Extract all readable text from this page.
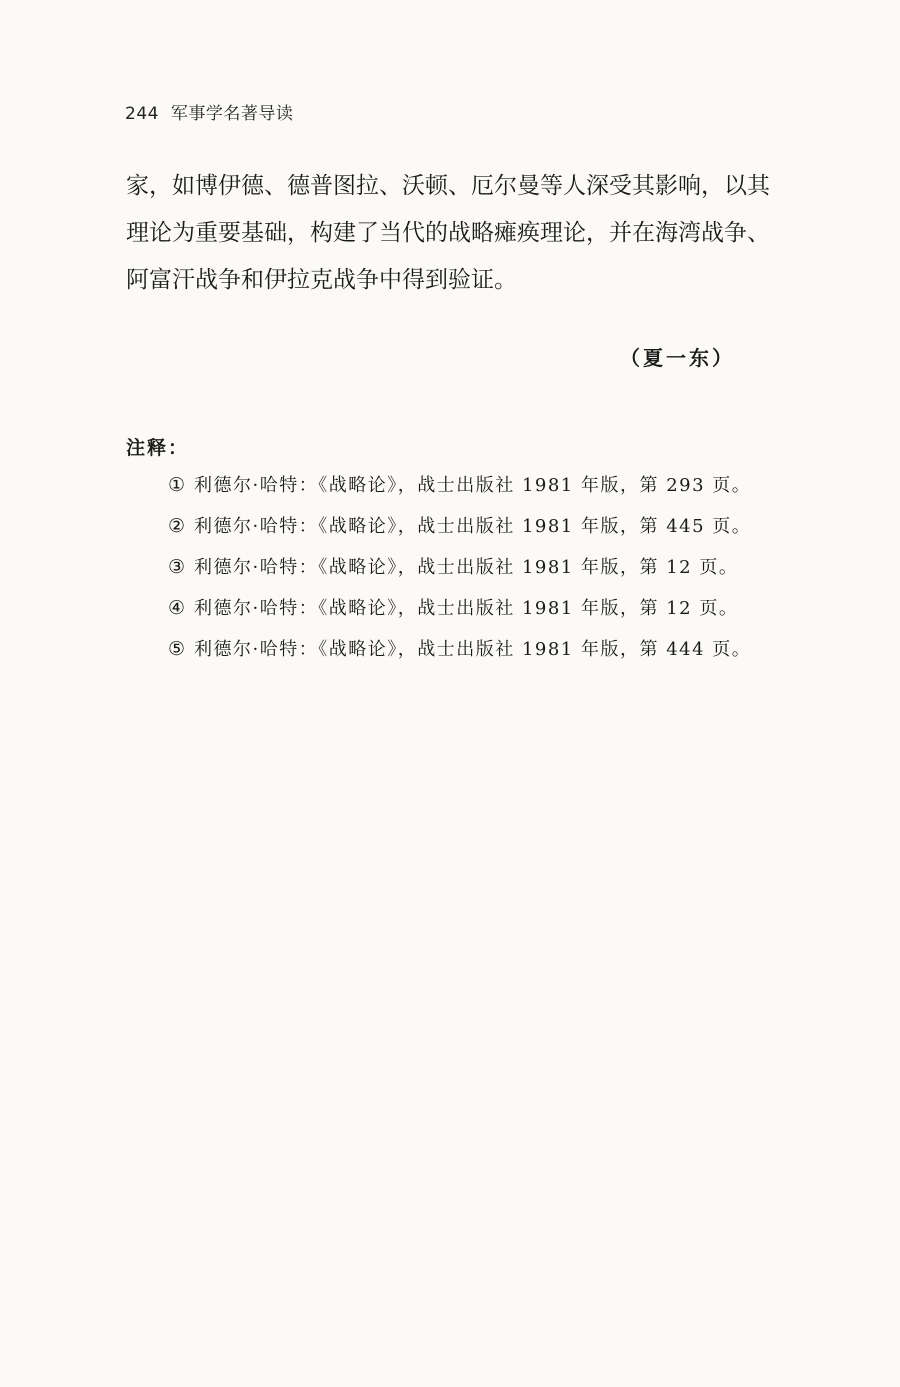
244 军事学名著导读

家，如博伊德、德普图拉、沃顿、厄尔曼等人深受其影响，以其

理论为重要基础，构建了当代的战略瘫痪理论，并在海湾战争、

阿富汗战争和伊拉克战争中得到验证。

（夏一东）
注释：
① 利德尔·哈特：《战略论》，战士出版社 1981 年版，第 293 页。
② 利德尔·哈特：《战略论》，战士出版社 1981 年版，第 445 页。
③ 利德尔·哈特：《战略论》，战士出版社 1981 年版，第 12 页。
④ 利德尔·哈特：《战略论》，战士出版社 1981 年版，第 12 页。
⑤ 利德尔·哈特：《战略论》，战士出版社 1981 年版，第 444 页。
